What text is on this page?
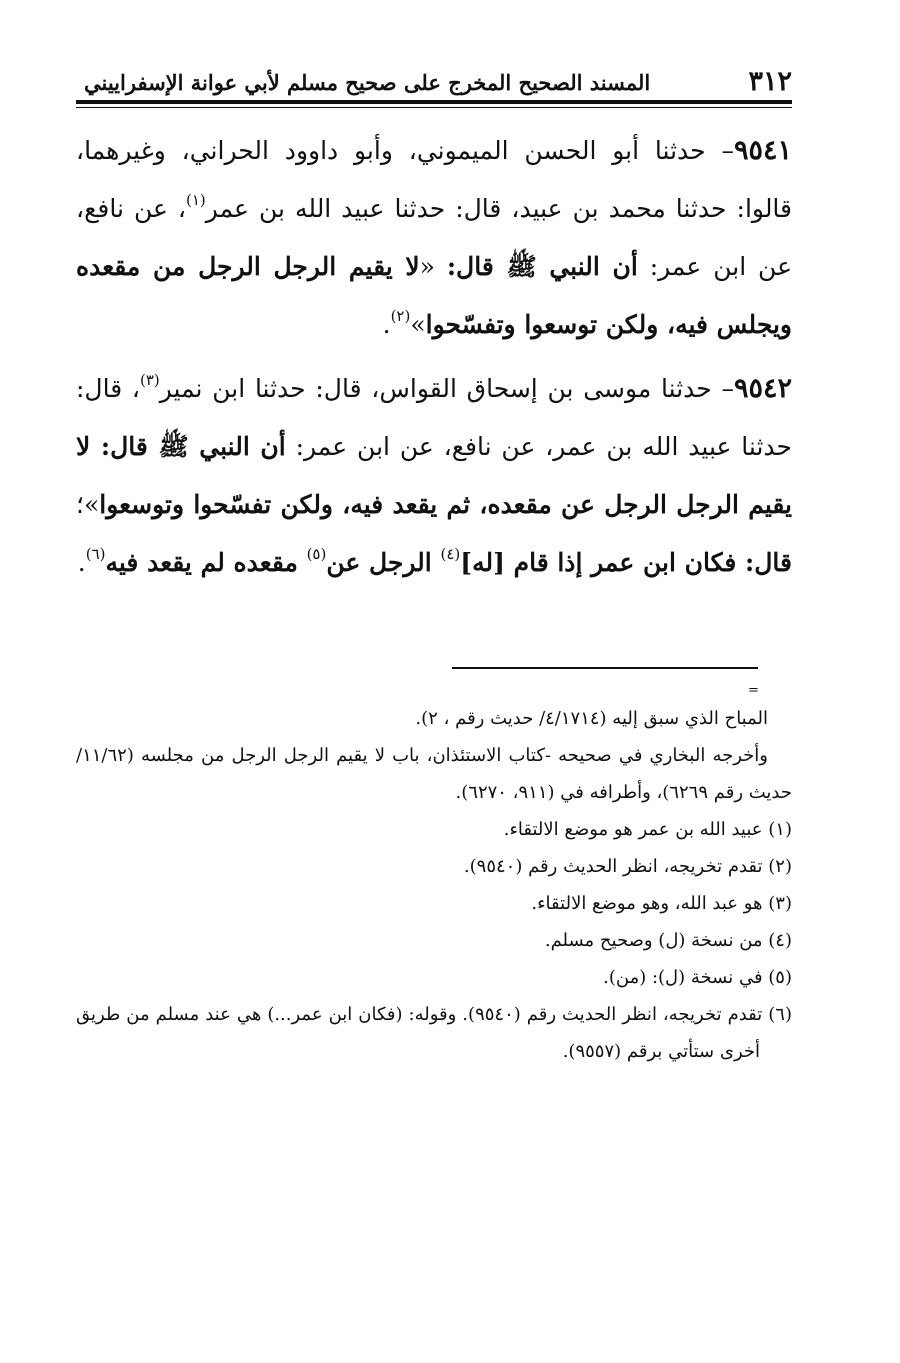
٣١٢
المسند الصحيح المخرج على صحيح مسلم لأبي عوانة الإسفراييني

٩٥٤١– حدثنا أبو الحسن الميموني، وأبو داوود الحراني، وغيرهما، قالوا: حدثنا محمد بن عبيد، قال: حدثنا عبيد الله بن عمر$^{(١)}$، عن نافع، عن ابن عمر: أن النبي ﷺ قال: «لا يقيم الرجل الرجل من مقعده ويجلس فيه، ولكن توسعوا وتفسّحوا»$^{(٢)}$.

٩٥٤٢– حدثنا موسى بن إسحاق القواس، قال: حدثنا ابن نمير$^{(٣)}$، قال: حدثنا عبيد الله بن عمر، عن نافع، عن ابن عمر: أن النبي ﷺ قال: لا يقيم الرجل الرجل عن مقعده، ثم يقعد فيه، ولكن تفسّحوا وتوسعوا»؛ قال: فكان ابن عمر إذا قام [له]$^{(٤)}$ الرجل عن$^{(٥)}$ مقعده لم يقعد فيه$^{(٦)}$.

=

المباح الذي سبق إليه (٤/١٧١٤/ حديث رقم ، ٢).

وأخرجه البخاري في صحيحه -كتاب الاستئذان، باب لا يقيم الرجل الرجل من مجلسه (١١/٦٢/ حديث رقم ٦٢٦٩)، وأطرافه في (٩١١، ٦٢٧٠).

(١) عبيد الله بن عمر هو موضع الالتقاء.

(٢) تقدم تخريجه، انظر الحديث رقم (٩٥٤٠).

(٣) هو عبد الله، وهو موضع الالتقاء.

(٤) من نسخة (ل) وصحيح مسلم.

(٥) في نسخة (ل): (من).

(٦) تقدم تخريجه، انظر الحديث رقم (٩٥٤٠). وقوله: (فكان ابن عمر...) هي عند مسلم من طريق أخرى ستأتي برقم (٩٥٥٧).
